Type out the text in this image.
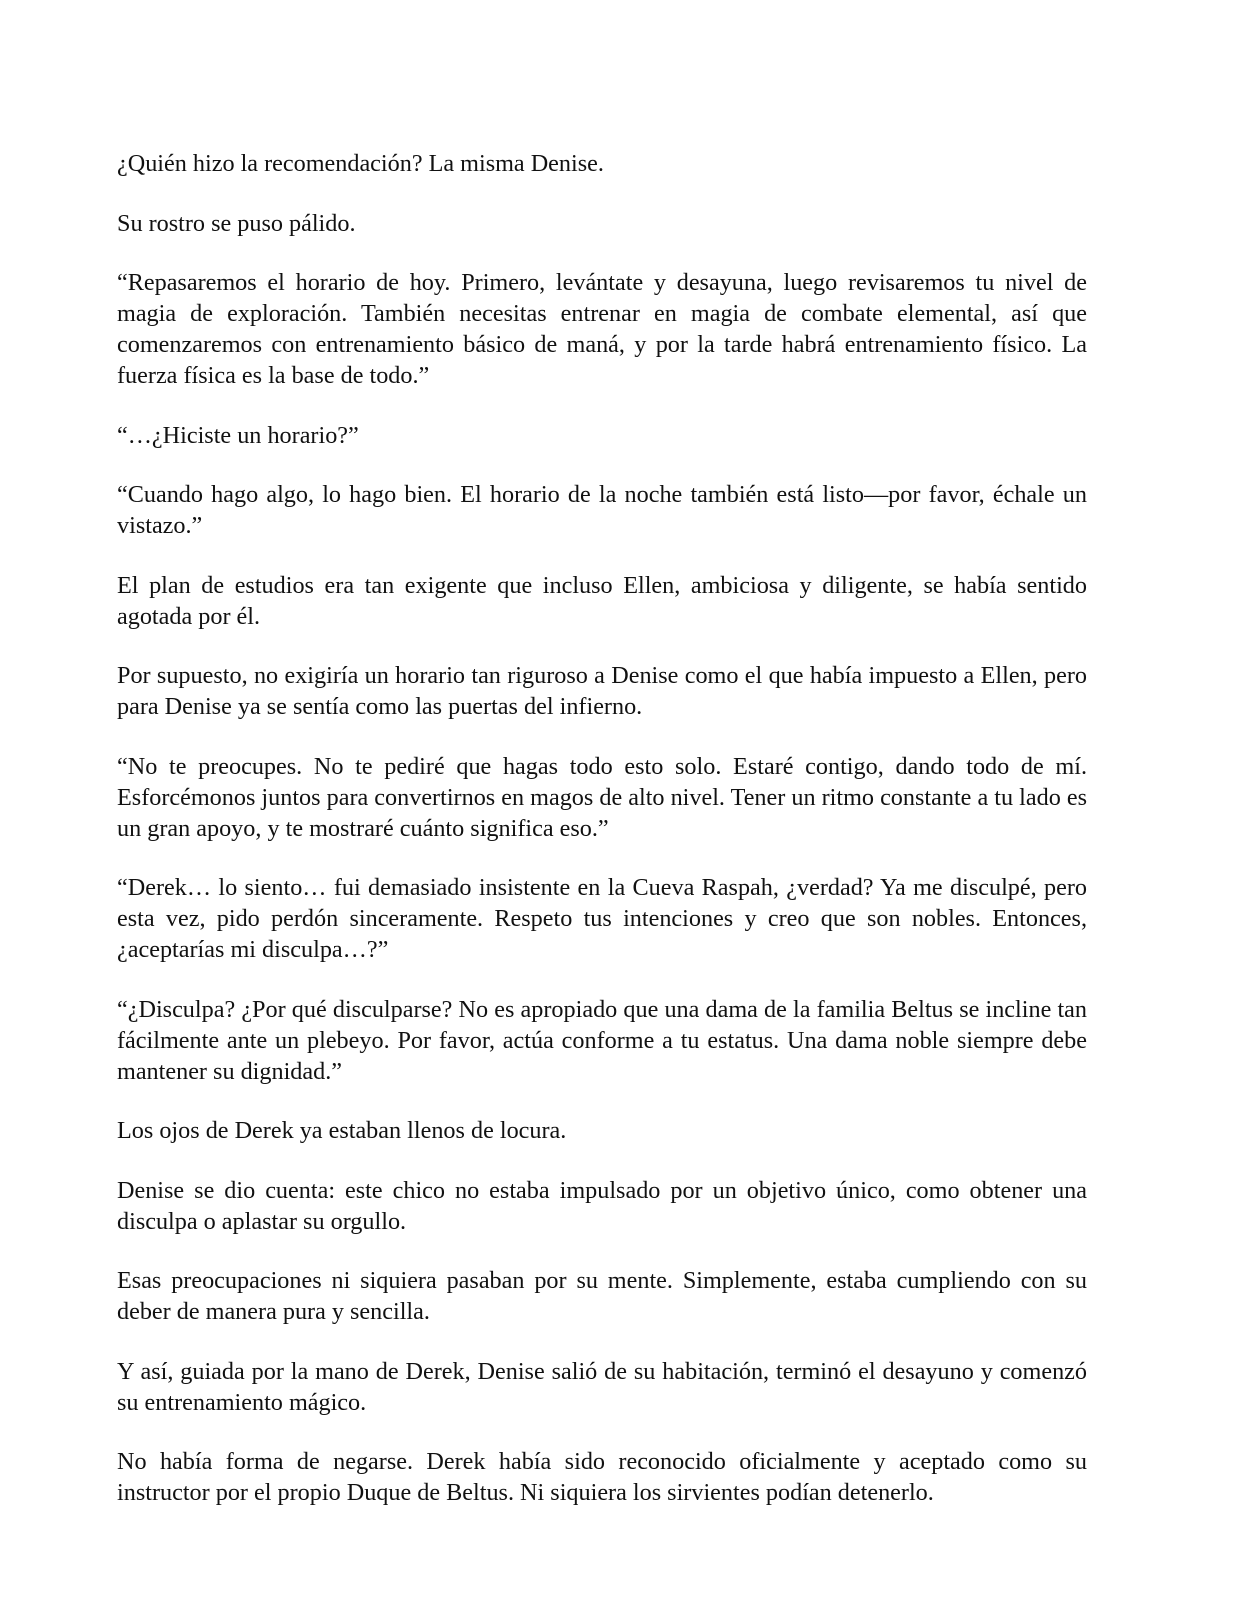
¿Quién hizo la recomendación? La misma Denise.

Su rostro se puso pálido.

“Repasaremos el horario de hoy. Primero, levántate y desayuna, luego revisaremos tu nivel de magia de exploración. También necesitas entrenar en magia de combate elemental, así que comenzaremos con entrenamiento básico de maná, y por la tarde habrá entrenamiento físico. La fuerza física es la base de todo.”

“…¿Hiciste un horario?”

“Cuando hago algo, lo hago bien. El horario de la noche también está listo—por favor, échale un vistazo.”

El plan de estudios era tan exigente que incluso Ellen, ambiciosa y diligente, se había sentido agotada por él.

Por supuesto, no exigiría un horario tan riguroso a Denise como el que había impuesto a Ellen, pero para Denise ya se sentía como las puertas del infierno.

“No te preocupes. No te pediré que hagas todo esto solo. Estaré contigo, dando todo de mí. Esforcémonos juntos para convertirnos en magos de alto nivel. Tener un ritmo constante a tu lado es un gran apoyo, y te mostraré cuánto significa eso.”

“Derek… lo siento… fui demasiado insistente en la Cueva Raspah, ¿verdad? Ya me disculpé, pero esta vez, pido perdón sinceramente. Respeto tus intenciones y creo que son nobles. Entonces, ¿aceptarías mi disculpa…?”

“¿Disculpa? ¿Por qué disculparse? No es apropiado que una dama de la familia Beltus se incline tan fácilmente ante un plebeyo. Por favor, actúa conforme a tu estatus. Una dama noble siempre debe mantener su dignidad.”

Los ojos de Derek ya estaban llenos de locura.

Denise se dio cuenta: este chico no estaba impulsado por un objetivo único, como obtener una disculpa o aplastar su orgullo.

Esas preocupaciones ni siquiera pasaban por su mente. Simplemente, estaba cumpliendo con su deber de manera pura y sencilla.

Y así, guiada por la mano de Derek, Denise salió de su habitación, terminó el desayuno y comenzó su entrenamiento mágico.

No había forma de negarse. Derek había sido reconocido oficialmente y aceptado como su instructor por el propio Duque de Beltus. Ni siquiera los sirvientes podían detenerlo.
